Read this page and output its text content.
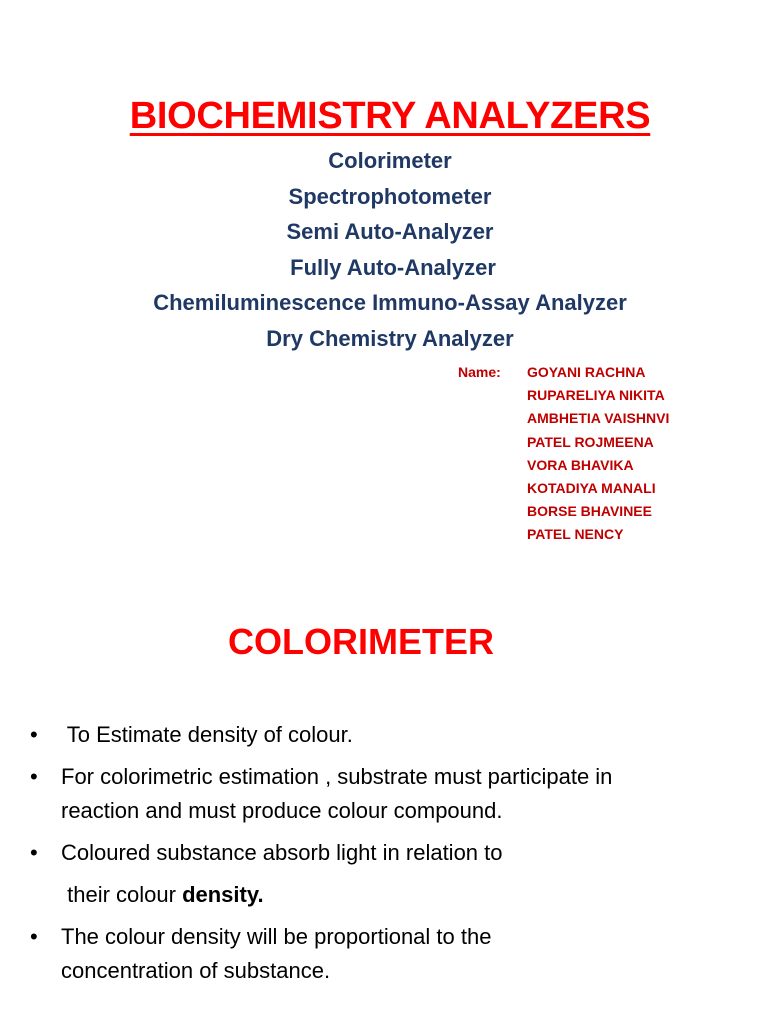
BIOCHEMISTRY ANALYZERS
Colorimeter
Spectrophotometer
Semi Auto-Analyzer
Fully Auto-Analyzer
Chemiluminescence Immuno-Assay Analyzer
Dry Chemistry Analyzer
Name: GOYANI RACHNA
RUPARELIYA NIKITA
AMBHETIA VAISHNVI
PATEL ROJMEENA
VORA BHAVIKA
KOTADIYA MANALI
BORSE BHAVINEE
PATEL NENCY
COLORIMETER
• To Estimate density of colour.
• For colorimetric estimation , substrate must participate in
reaction and must produce colour compound.
• Coloured substance absorb light in relation to
their colour density.
• The colour density will be proportional to the
concentration of substance.
